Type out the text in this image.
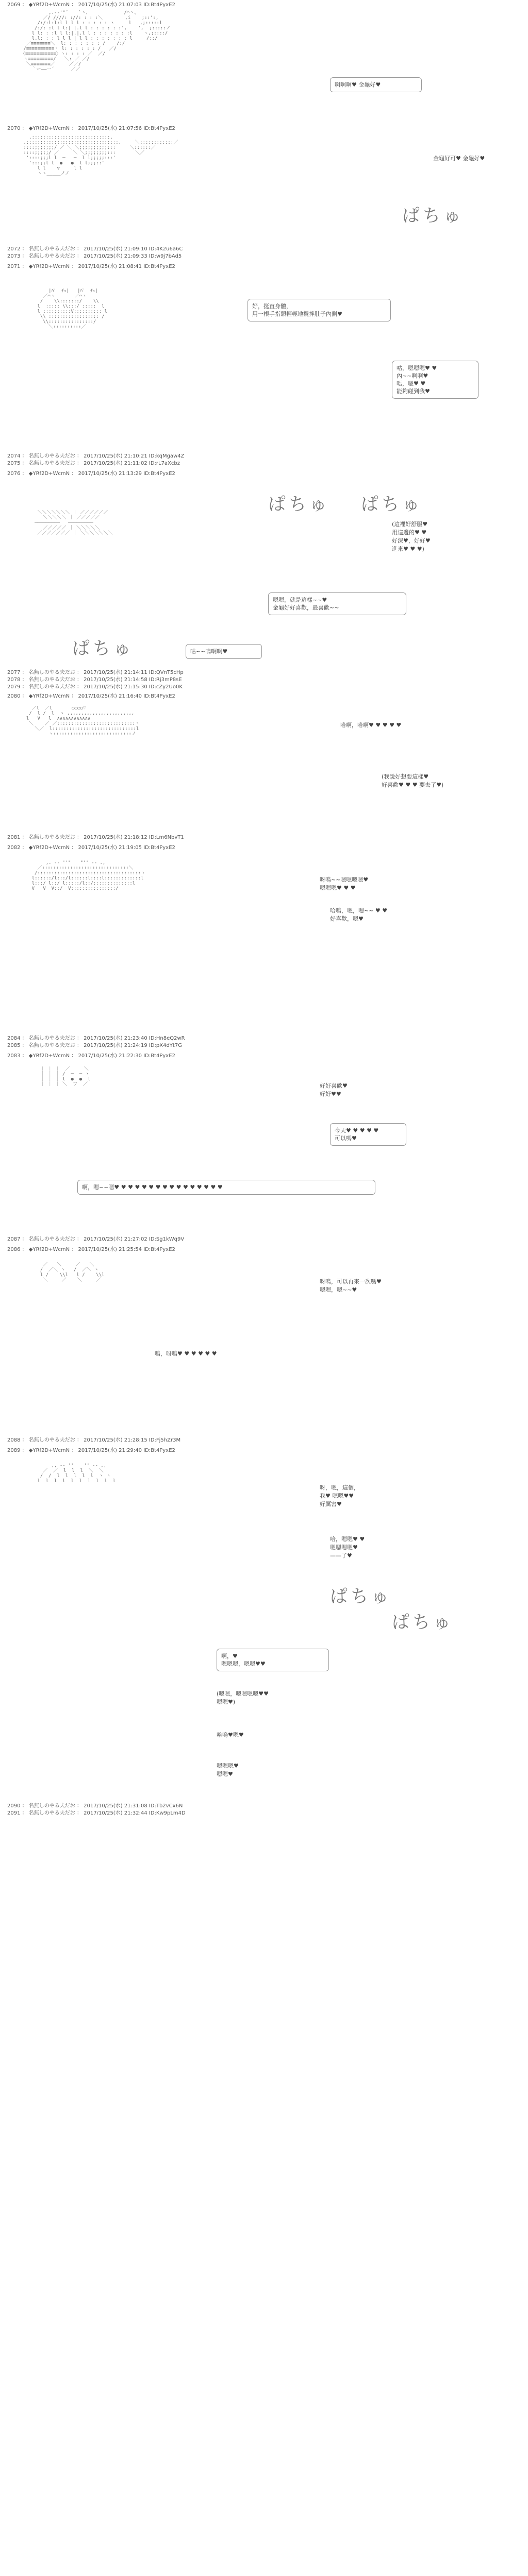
2069 ： ◆YRf2D+WcmN ： 2017/10/25(水) 21:07:03 ID:Bt4PyxE2
,.-‐'"´ ￣ `丶、            /⌒丶、
／/ ////: ://: : : :＼        ,i    ;::':,
/:/:l:l:l l l l : : : : : ヽ     l   ,;:::::l
/:/: :l l l:| |.l l : : : : : :',    ',  ;:::::ノ
l l: : :l l l:|.|.l l : : : : : : :l    ヽ,;::::/
l.l: : : l l l | l l : : : : : : : l     /::/
／≡≡≡≡≡≡≡＼  l: : : : : : : /    /:/
/≡≡≡≡≡≡≡≡≡≡ヽ l: : : : : : /   ／/
〈≡≡≡≡≡≡≡≡≡≡≡〉ヽ: : : : ／  ／/
ヽ≡≡≡≡≡≡≡≡≡/   ＼: ／ ／/
＼≡≡≡≡≡≡≡／     ／／/
｀ー――一´      ／／

啊啊啊♥ 金龜好♥
2070 ： ◆YRf2D+WcmN ： 2017/10/25(水) 21:07:56 ID:Bt4PyxE2
.::::::::::::::::::::::::::::.
.::::;;;;;;;;;;;;;;;;;;;;;;;;;;:::.     ＼::::::::::::／
::::;;;;;;;/ ／ ＼ ＼;;;;;;;;;;:::     ＼::::::／
::::;;;;;/ ／     ＼ ＼;;;;;;;;:::       ＼／
'::::;;;l l  ─   ─  l l;;;;;:::'
':::;;l l  ●   ●  l l;;;::'
l l    ▽     l l
ヽヽ_____ノノ

ぱちゅ
金龜好可♥ 金龜好♥
2072 ： 名無しのやる夫だお ： 2017/10/25(水) 21:09:10 ID:4K2u6a6C
2073 ： 名無しのやる夫だお ： 2017/10/25(水) 21:09:33 ID:w9j7bAd5
2071 ： ◆YRf2D+WcmN ： 2017/10/25(水) 21:08:41 ID:Bt4PyxE2
|ﾊﾟ  ﾁｭ|   |ﾊﾟ  ﾁｭ|
／⌒ヽ       ／⌒ヽ
/    \\:::::::/    \\
l  ::::: \\:::/ :::::  l
l ::::::::::V:::::::::: l
\\ :::::::::::::::::: /
\\::::::::::::::::/
＼::::::::::／

好，挺直身體，
用一根手指頭輕輕地攪拌肚子內側♥
咕，嗯嗯嗯♥ ♥
內~~啊啊♥
唔，嗯♥ ♥
能夠碰到我♥
2074 ： 名無しのやる夫だお ： 2017/10/25(水) 21:10:21 ID:kqMgaw4Z
2075 ： 名無しのやる夫だお ： 2017/10/25(水) 21:11:02 ID:rL7aXcbz
2076 ： ◆YRf2D+WcmN ： 2017/10/25(水) 21:13:29 ID:Bt4PyxE2
ぱちゅ ぱちゅ
＼＼＼＼＼＼＼ ｜ ／／／／／／
＼＼＼＼＼ ｜ ／／／／／
─────────   ─────────
／／／／／ ｜ ＼＼＼＼＼
／／／／／／／ ｜ ＼＼＼＼＼＼＼

(這裡好舒服♥
用這邊的♥ ♥
好深♥，好好♥
進來♥ ♥ ♥)
嗯嗯，就是這樣~~♥
金龜好好喜歡，最喜歡~~
ぱちゅ	咕~~嗚啊啊♥
2077 ： 名無しのやる夫だお ： 2017/10/25(水) 21:14:11 ID:QVnT5cHp
2078 ： 名無しのやる夫だお ： 2017/10/25(水) 21:14:58 ID:Rj3mP8sE
2079 ： 名無しのやる夫だお ： 2017/10/25(水) 21:15:30 ID:cZy2Uo0K
2080 ： ◆YRf2D+WcmN ： 2017/10/25(水) 21:16:40 ID:Bt4PyxE2
／l  ／l       ○○○○♡
/  l /  l  ヽ ,,,,,,,,,,,,,,,,,,,,,,,,
l   V   l  ∧∧∧∧∧∧∧∧∧∧∧∧
＼    ／ ／::::::::::::::::::::::::::::ヽ
＼／  l::::::::::::::::::::::::::::::l
ヽ::::::::::::::::::::::::::::ノ

哈啊，哈啊♥ ♥ ♥ ♥ ♥
(我說好想要這樣♥
好喜歡♥ ♥ ♥ 要去了♥)
2081 ： 名無しのやる夫だお ： 2017/10/25(水) 21:18:12 ID:Lm6NbvT1
2082 ： ◆YRf2D+WcmN ： 2017/10/25(水) 21:19:05 ID:Bt4PyxE2
,. -‐ ''"￣￣"'' ‐- .,
／:::::::::::::::::::::::::::::::＼
/:::::::::::::::::::::::::::::::::::::ヽ
l::::::/l:::/l::::::l::::l:::::::::::::l
l:::/ l::/ l:::::/l::/::::::::::::::l
V   V  V::/  V::::::::::::::::/

呀嗚~~嗯嗯嗯嗯♥
嗯嗯嗯♥ ♥ ♥
哈嗚，嗯，嗯~~ ♥ ♥
好喜歡，嗯♥
2084 ： 名無しのやる夫だお ： 2017/10/25(水) 21:23:40 ID:Hn8eQ2wR
2085 ： 名無しのやる夫だお ： 2017/10/25(水) 21:24:19 ID:pX4dYt7G
2083 ： ◆YRf2D+WcmN ： 2017/10/25(水) 21:22:30 ID:Bt4PyxE2
｜ ｜ ｜  ／￣￣￣＼
｜ ｜ ｜ /  ─  ─ ヽ
｜ ｜ ｜ l  ●  ●  l
｜ ｜ ｜ ＼  ワ  ／	好好喜歡♥
好好♥♥
今天♥ ♥ ♥ ♥ ♥
可以嗎♥
啊，嗯~~嗯♥ ♥ ♥ ♥ ♥ ♥ ♥ ♥ ♥ ♥ ♥ ♥ ♥ ♥ ♥ ♥
2087 ： 名無しのやる夫だお ： 2017/10/25(水) 21:27:02 ID:Sg1kWq9V
2086 ： ◆YRf2D+WcmN ： 2017/10/25(水) 21:25:54 ID:Bt4PyxE2
／￣￣＼     ／￣￣＼
/  ／＼ ヽ   /  ／＼ ヽ
l /    \\l   l /    \\l
＼     ／    ＼     ／	呀嗚，可以再來一次嗎♥
嗯嗯，嗯~~♥
嗚，呀嗚♥ ♥ ♥ ♥ ♥ ♥
2088 ： 名無しのやる夫だお ： 2017/10/25(水) 21:28:15 ID:Fj5hZr3M
2089 ： ◆YRf2D+WcmN ： 2017/10/25(水) 21:29:40 ID:Bt4PyxE2
,, -‐ '' ￣ '' ‐- ,,
／  ／  l  l  l  ＼  ＼
/  /  l  l  l  l  l  ヽ ヽ
l  l  l  l  l  l  l  l  l  l

呀，嗯，這個，
我♥ 嗯嗯♥♥
好厲害♥
哈，嗯嗯♥ ♥
嗯嗯嗯嗯♥
——了♥
ぱちゅ
ぱちゅ
啊，♥
嗯嗯嗯，嗯嗯♥♥
(嗯嗯，嗯嗯嗯嗯♥♥
嗯嗯♥)
哈嗚♥嗯♥
嗯嗯嗯♥
嗯嗯♥
2090 ： 名無しのやる夫だお ： 2017/10/25(水) 21:31:08 ID:Tb2vCx6N
2091 ： 名無しのやる夫だお ： 2017/10/25(水) 21:32:44 ID:Kw9pLm4D
